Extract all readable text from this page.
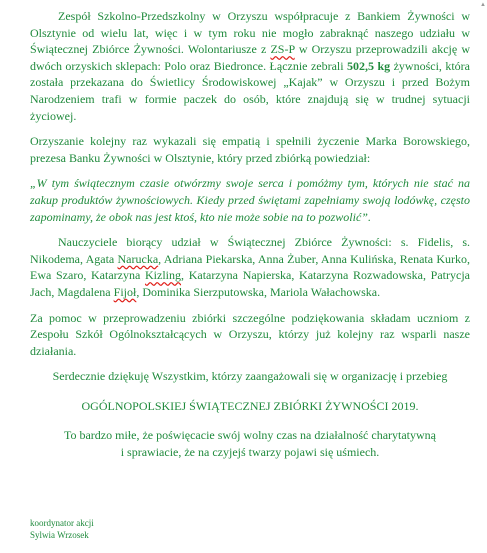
▲

Zespół Szkolno-Przedszkolny w Orzyszu współpracuje z Bankiem Żywności w Olsztynie od wielu lat, więc i w tym roku nie mogło zabraknąć naszego udziału w Świątecznej Zbiórce Żywności. Wolontariusze z ZS-P w Orzyszu przeprowadzili akcję w dwóch orzyskich sklepach: Polo oraz Biedronce. Łącznie zebrali 502,5 kg żywności, która została przekazana do Świetlicy Środowiskowej „Kajak” w Orzyszu i przed Bożym Narodzeniem trafi w formie paczek do osób, które znajdują się w trudnej sytuacji życiowej.

Orzyszanie kolejny raz wykazali się empatią i spełnili życzenie Marka Borowskiego, prezesa Banku Żywności w Olsztynie, który przed zbiórką powiedział:

„W tym świątecznym czasie otwórzmy swoje serca i pomóżmy tym, których nie stać na zakup produktów żywnościowych. Kiedy przed świętami zapełniamy swoją lodówkę, często zapominamy, że obok nas jest ktoś, kto nie może sobie na to pozwolić”.

Nauczyciele biorący udział w Świątecznej Zbiórce Żywności: s. Fidelis, s. Nikodema, Agata Narucka, Adriana Piekarska, Anna Żuber, Anna Kulińska, Renata Kurko, Ewa Szaro, Katarzyna Kizling, Katarzyna Napierska, Katarzyna Rozwadowska, Patrycja Jach, Magdalena Fijoł, Dominika Sierzputowska, Mariola Wałachowska.

Za pomoc w przeprowadzeniu zbiórki szczególne podziękowania składam uczniom z Zespołu Szkół Ogólnokształcących w Orzyszu, którzy już kolejny raz wsparli nasze działania.

Serdecznie dziękuję Wszystkim, którzy zaangażowali się w organizację i przebieg

OGÓLNOPOLSKIEJ ŚWIĄTECZNEJ ZBIÓRKI ŻYWNOŚCI 2019.

To bardzo miłe, że poświęcacie swój wolny czas na działalność charytatywną

i sprawiacie, że na czyjejś twarzy pojawi się uśmiech.

koordynator akcji
Sylwia Wrzosek
